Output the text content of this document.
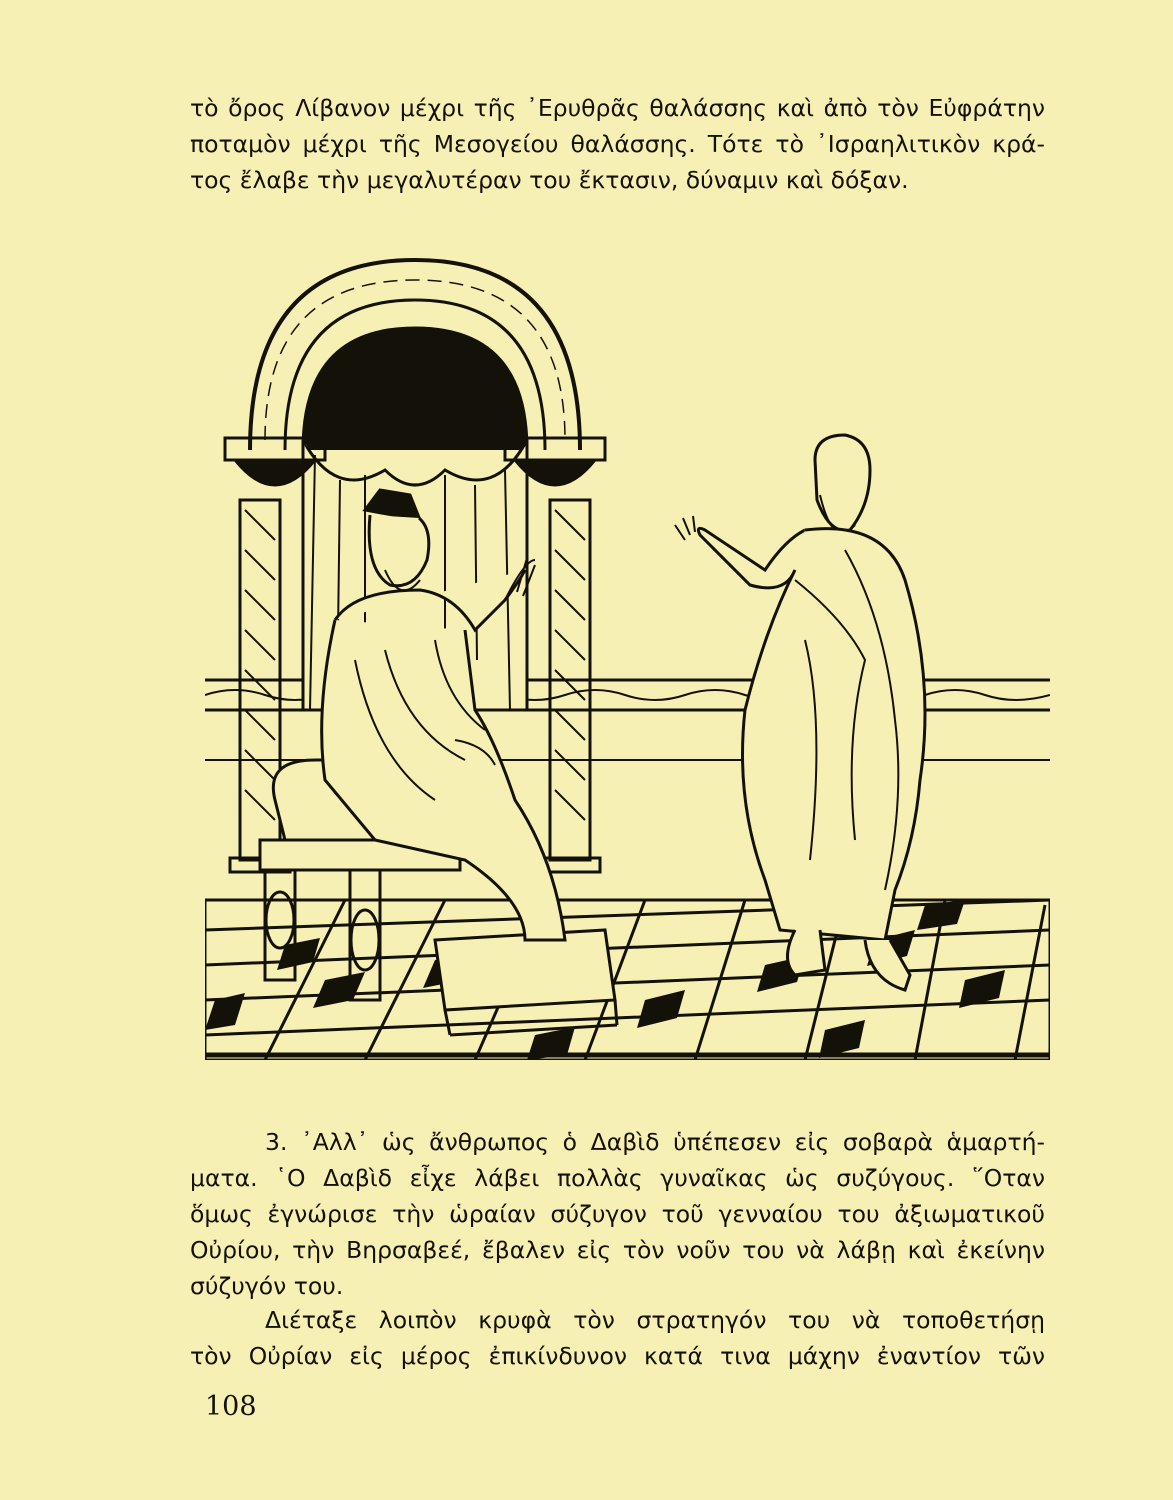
τὸ ὄρος Λίβανον μέχρι τῆς ᾿Ερυθρᾶς θαλάσσης καὶ ἀπὸ τὸν Εὐφράτην
ποταμὸν μέχρι τῆς Μεσογείου θαλάσσης. Τότε τὸ ᾿Ισραηλιτικὸν κρά-
τος ἔλαβε τὴν μεγαλυτέραν του ἔκτασιν, δύναμιν καὶ δόξαν.
3. ᾿Αλλ᾿ ὡς ἄνθρωπος ὁ Δαβὶδ ὑπέπεσεν εἰς σοβαρὰ ἁμαρτή-
ματα. ῾Ο Δαβὶδ εἶχε λάβει πολλὰς γυναῖκας ὡς συζύγους. ῞Οταν
ὅμως ἐγνώρισε τὴν ὡραίαν σύζυγον τοῦ γενναίου του ἀξιωματικοῦ
Οὐρίου, τὴν Βηρσαβεέ, ἔβαλεν εἰς τὸν νοῦν του νὰ λάβῃ καὶ ἐκείνην
σύζυγόν του.
Διέταξε λοιπὸν κρυφὰ τὸν στρατηγόν του νὰ τοποθετήσῃ
τὸν Οὐρίαν εἰς μέρος ἐπικίνδυνον κατά τινα μάχην ἐναντίον τῶν
108
